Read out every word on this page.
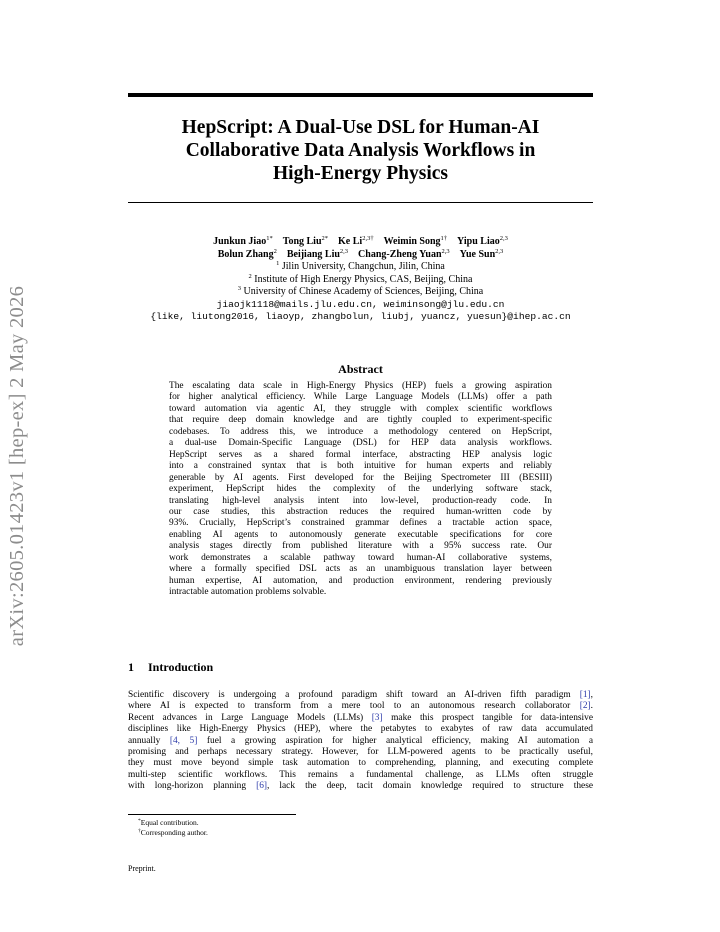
arXiv:2605.01423v1 [hep-ex] 2 May 2026
HepScript: A Dual-Use DSL for Human-AI
Collaborative Data Analysis Workflows in
High-Energy Physics
Junkun Jiao$^{1*}$  Tong Liu$^{2*}$  Ke $Li^{2,3\dagger}$  Weimin Song$^{1\dagger}$  Yipu Liao$^{2,3}$
Bolun Zhang$^2$  Beijiang Liu$^{2,3}$  Chang-Zheng Yuan$^{2,3}$  Yue Sun$^{2,3}$
$^1$ Jilin University, Changchun, Jilin, China
$^2$ Institute of High Energy Physics, CAS, Beijing, China
$^3$ University of Chinese Academy of Sciences, Beijing, China
jiaojk1118@mails.jlu.edu.cn, weiminsong@jlu.edu.cn
{like, liutong2016, liaoyp, zhangbolun, liubj, yuancz, yuesun}@ihep.ac.cn
Abstract
The escalating data scale in High-Energy Physics (HEP) fuels a growing aspiration
for higher analytical efficiency. While Large Language Models (LLMs) offer a path
toward automation via agentic AI, they struggle with complex scientific workflows
that require deep domain knowledge and are tightly coupled to experiment-specific
codebases. To address this, we introduce a methodology centered on HepScript,
a dual-use Domain-Specific Language (DSL) for HEP data analysis workflows.
HepScript serves as a shared formal interface, abstracting HEP analysis logic
into a constrained syntax that is both intuitive for human experts and reliably
generable by AI agents. First developed for the Beijing Spectrometer III (BESIII)
experiment, HepScript hides the complexity of the underlying software stack,
translating high-level analysis intent into low-level, production-ready code. In
our case studies, this abstraction reduces the required human-written code by
93%. Crucially, HepScript’s constrained grammar defines a tractable action space,
enabling AI agents to autonomously generate executable specifications for core
analysis stages directly from published literature with a 95% success rate. Our
work demonstrates a scalable pathway toward human-AI collaborative systems,
where a formally specified DSL acts as an unambiguous translation layer between
human expertise, AI automation, and production environment, rendering previously
intractable automation problems solvable.
1 Introduction
Scientific discovery is undergoing a profound paradigm shift toward an AI-driven fifth paradigm [1],
where AI is expected to transform from a mere tool to an autonomous research collaborator [2].
Recent advances in Large Language Models (LLMs) [3] make this prospect tangible for data-intensive
disciplines like High-Energy Physics (HEP), where the petabytes to exabytes of raw data accumulated
annually [4, 5] fuel a growing aspiration for higher analytical efficiency, making AI automation a
promising and perhaps necessary strategy. However, for LLM-powered agents to be practically useful,
they must move beyond simple task automation to comprehending, planning, and executing complete
multi-step scientific workflows. This remains a fundamental challenge, as LLMs often struggle
with long-horizon planning [6], lack the deep, tacit domain knowledge required to structure these
*Equal contribution.
†Corresponding author.
Preprint.
